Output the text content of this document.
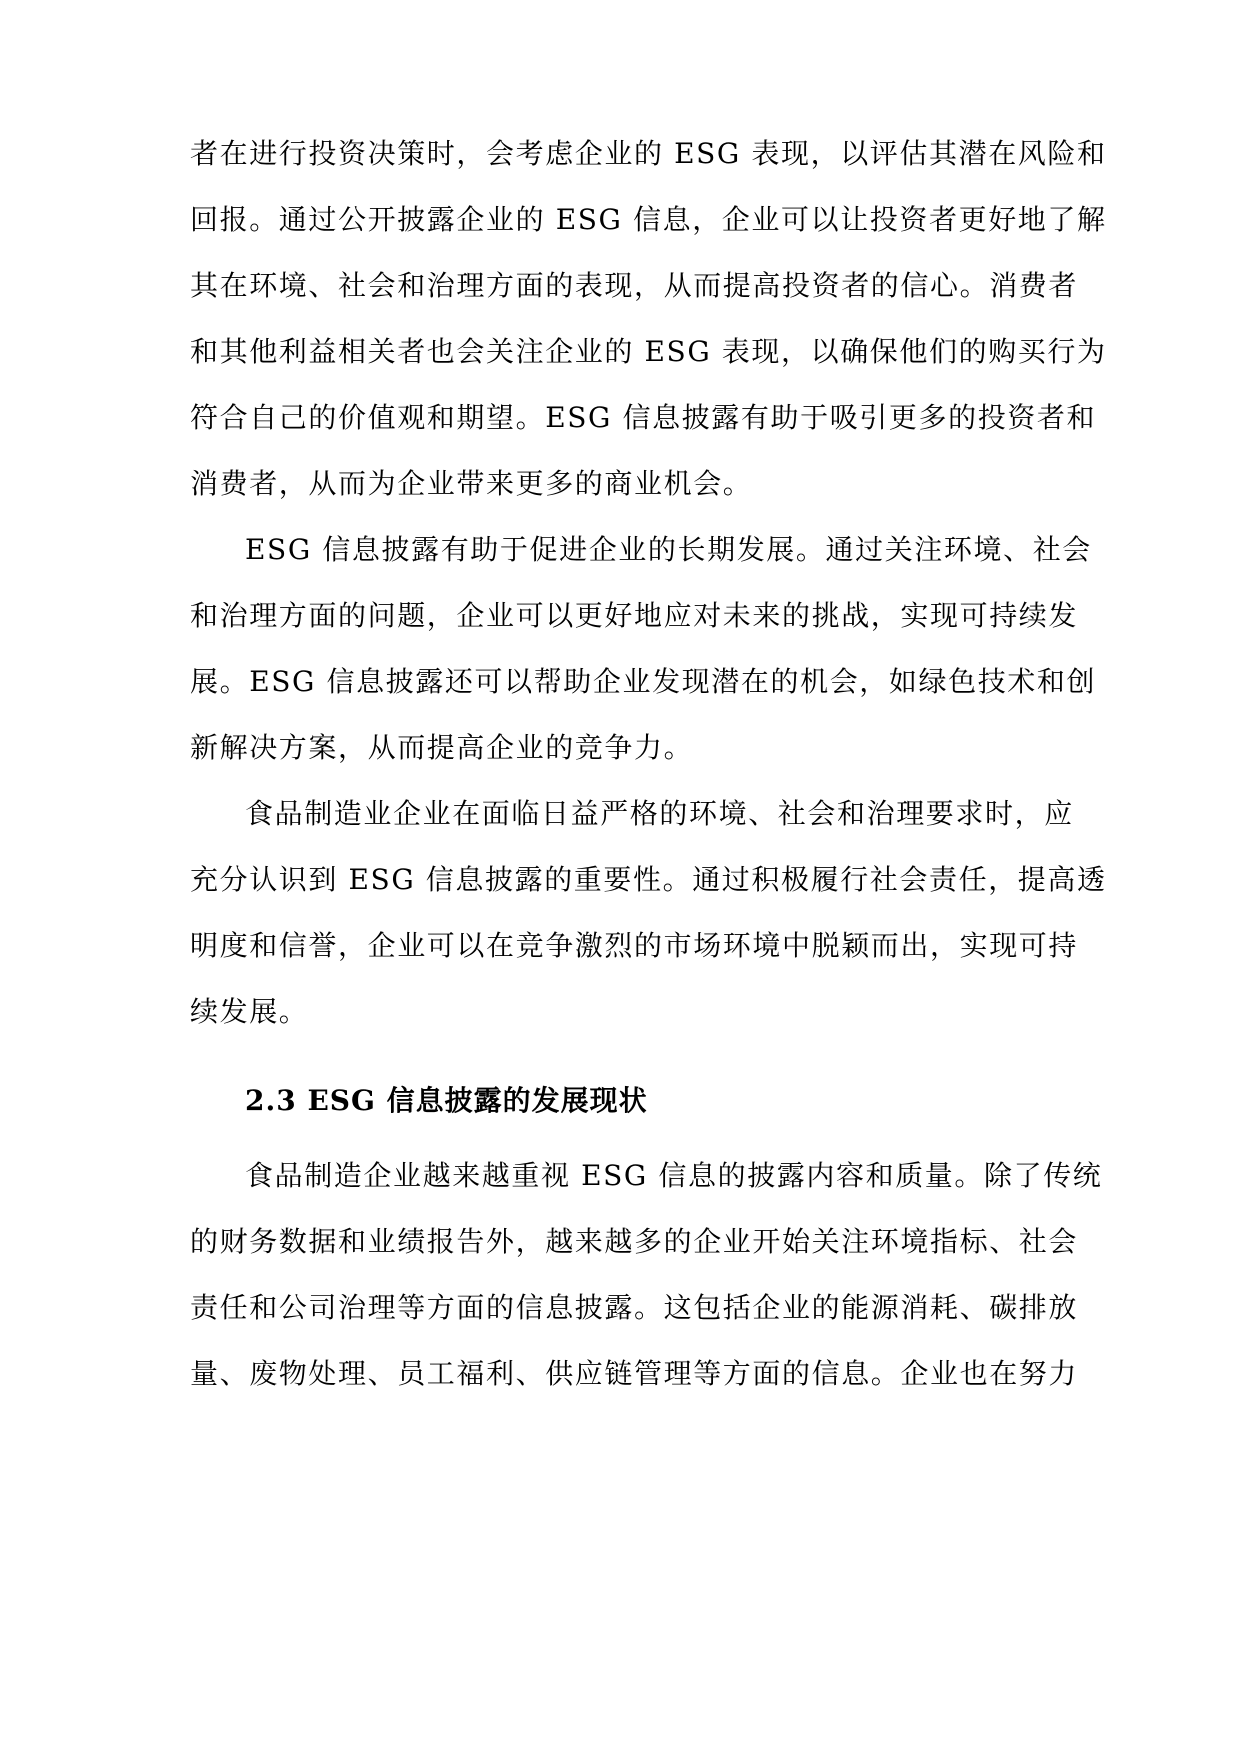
者在进行投资决策时，会考虑企业的 ESG 表现，以评估其潜在风险和
回报。通过公开披露企业的 ESG 信息，企业可以让投资者更好地了解
其在环境、社会和治理方面的表现，从而提高投资者的信心。消费者
和其他利益相关者也会关注企业的 ESG 表现，以确保他们的购买行为
符合自己的价值观和期望。ESG 信息披露有助于吸引更多的投资者和
消费者，从而为企业带来更多的商业机会。
ESG 信息披露有助于促进企业的长期发展。通过关注环境、社会
和治理方面的问题，企业可以更好地应对未来的挑战，实现可持续发
展。ESG 信息披露还可以帮助企业发现潜在的机会，如绿色技术和创
新解决方案，从而提高企业的竞争力。
食品制造业企业在面临日益严格的环境、社会和治理要求时，应
充分认识到 ESG 信息披露的重要性。通过积极履行社会责任，提高透
明度和信誉，企业可以在竞争激烈的市场环境中脱颖而出，实现可持
续发展。
2.3 ESG 信息披露的发展现状
食品制造企业越来越重视 ESG 信息的披露内容和质量。除了传统
的财务数据和业绩报告外，越来越多的企业开始关注环境指标、社会
责任和公司治理等方面的信息披露。这包括企业的能源消耗、碳排放
量、废物处理、员工福利、供应链管理等方面的信息。企业也在努力
